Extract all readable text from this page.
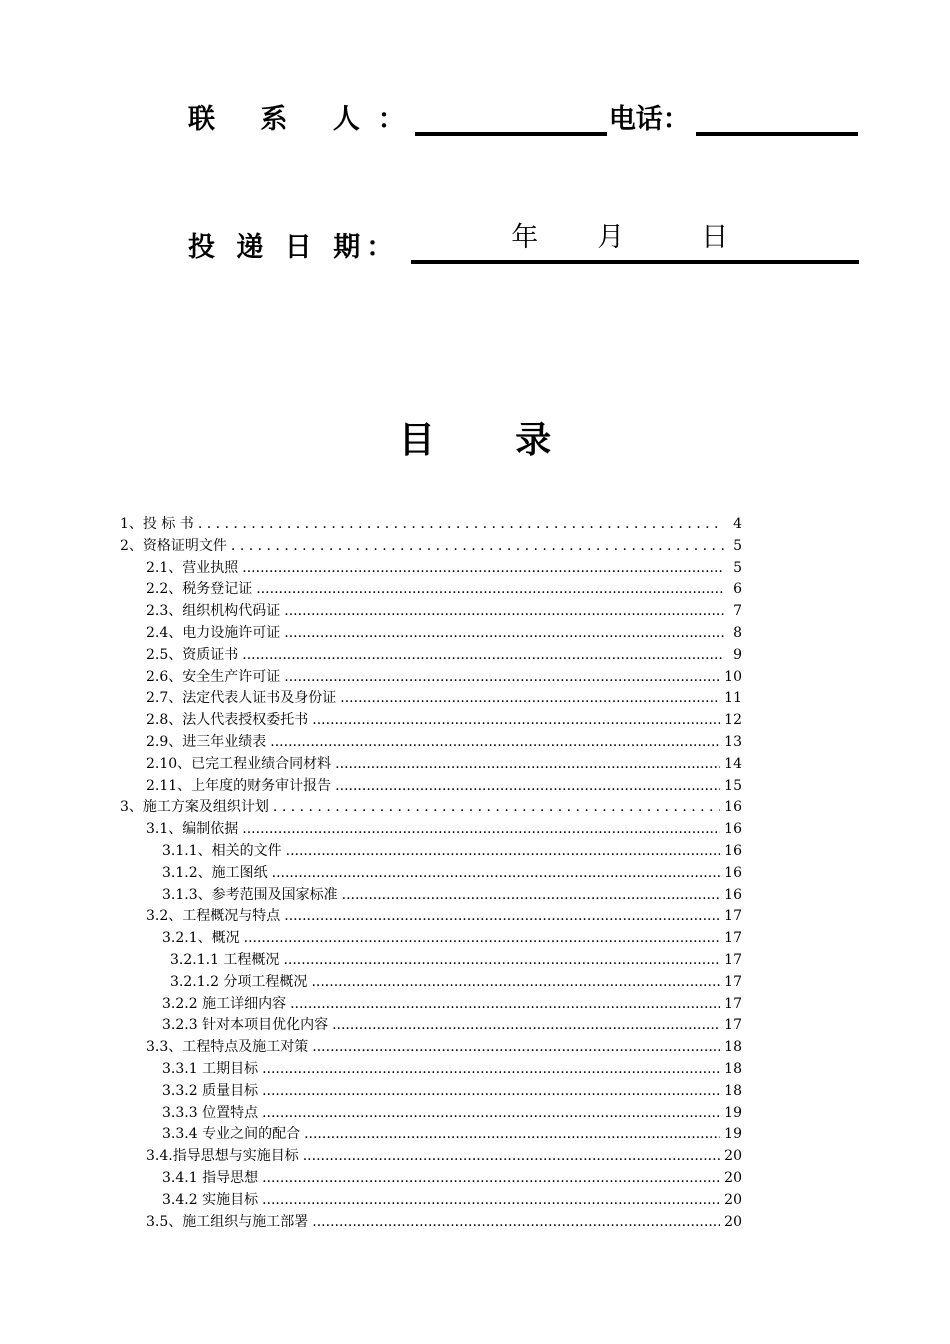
联 系 人：	电话：
投 递 日 期：	年 月	日
目 录
1、投 标 书 . . .	4
2、资格证明文件 . . .	5
2.1、营业执照 .....	5
2.2、税务登记证 .....	6
2.3、组织机构代码证 .....	7
2.4、电力设施许可证 .....	8
2.5、资质证书 .....	9
2.6、安全生产许可证 .....	10
2.7、法定代表人证书及身份证 .....	11
2.8、法人代表授权委托书 .....	12
2.9、进三年业绩表 .....	13
2.10、已完工程业绩合同材料 .....	14
2.11、上年度的财务审计报告 .....	15
3、施工方案及组织计划 . . .	16
3.1、编制依据 .....	16
3.1.1、相关的文件 .....	16
3.1.2、施工图纸 .....	16
3.1.3、参考范围及国家标准 .....	16
3.2、工程概况与特点 .....	17
3.2.1、概况 .....	17
3.2.1.1 工程概况 .....	17
3.2.1.2 分项工程概况 .....	17
3.2.2 施工详细内容 .....	17
3.2.3 针对本项目优化内容 .....	17
3.3、工程特点及施工对策 .....	18
3.3.1 工期目标 .....	18
3.3.2 质量目标 .....	18
3.3.3 位置特点 .....	19
3.3.4 专业之间的配合 .....	19
3.4.指导思想与实施目标 .....	20
3.4.1 指导思想 .....	20
3.4.2 实施目标 .....	20
3.5、施工组织与施工部署 .....	20
